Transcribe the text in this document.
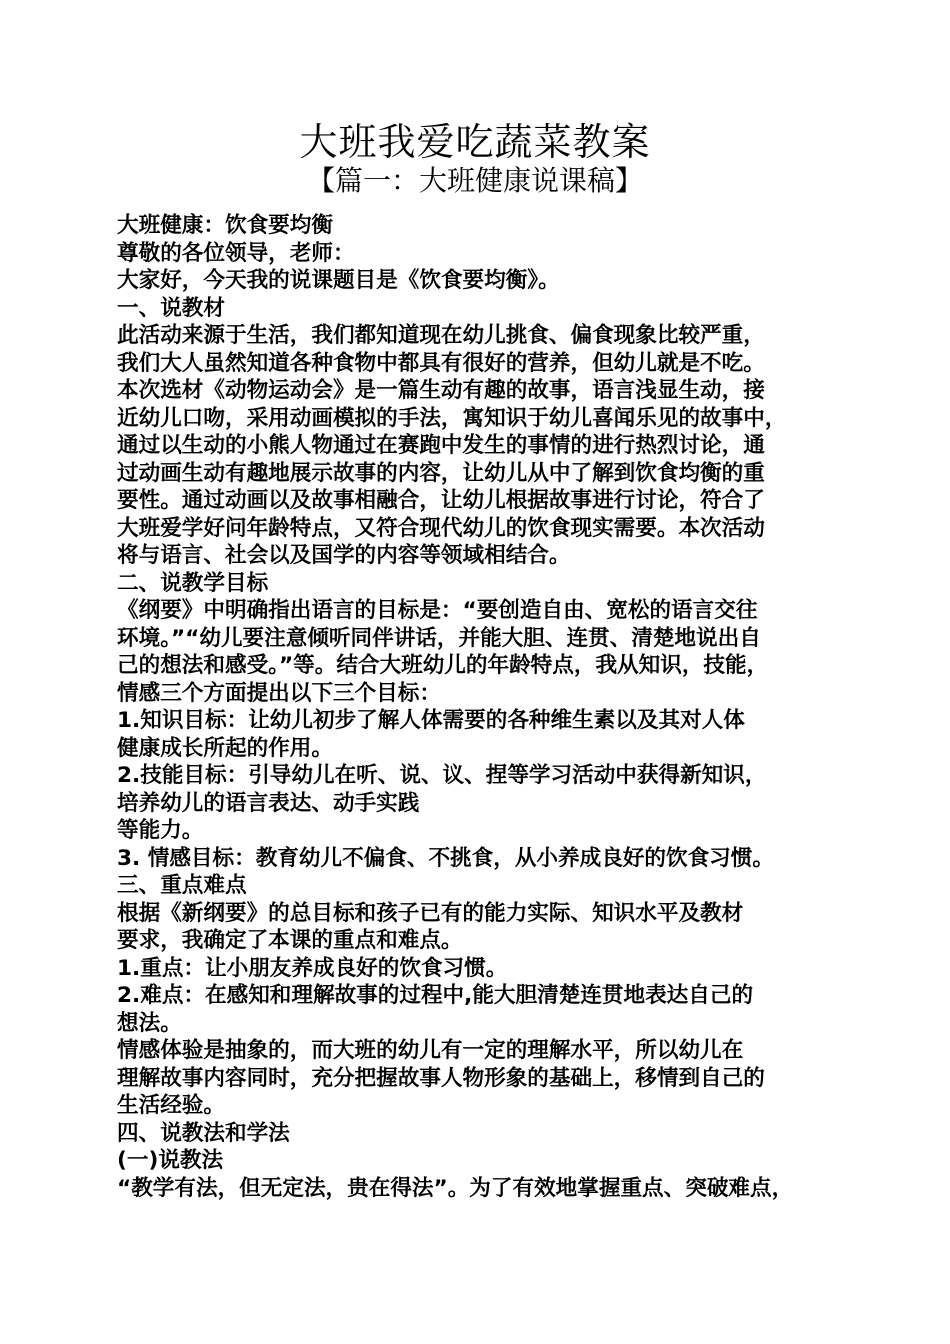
大班我爱吃蔬菜教案
【篇一：大班健康说课稿】
大班健康：饮食要均衡
尊敬的各位领导，老师：
大家好，今天我的说课题目是《饮食要均衡》。
一、说教材
此活动来源于生活，我们都知道现在幼儿挑食、偏食现象比较严重，
我们大人虽然知道各种食物中都具有很好的营养，但幼儿就是不吃。
本次选材《动物运动会》是一篇生动有趣的故事，语言浅显生动，接
近幼儿口吻，采用动画模拟的手法，寓知识于幼儿喜闻乐见的故事中，
通过以生动的小熊人物通过在赛跑中发生的事情的进行热烈讨论，通
过动画生动有趣地展示故事的内容，让幼儿从中了解到饮食均衡的重
要性。通过动画以及故事相融合，让幼儿根据故事进行讨论，符合了
大班爱学好问年龄特点，又符合现代幼儿的饮食现实需要。本次活动
将与语言、社会以及国学的内容等领域相结合。
二、说教学目标
《纲要》中明确指出语言的目标是：“要创造自由、宽松的语言交往
环境。”“幼儿要注意倾听同伴讲话，并能大胆、连贯、清楚地说出自
己的想法和感受。”等。结合大班幼儿的年龄特点，我从知识，技能，
情感三个方面提出以下三个目标：
1.知识目标：让幼儿初步了解人体需要的各种维生素以及其对人体
健康成长所起的作用。
2.技能目标：引导幼儿在听、说、议、捏等学习活动中获得新知识，
培养幼儿的语言表达、动手实践
等能力。
3. 情感目标：教育幼儿不偏食、不挑食，从小养成良好的饮食习惯。
三、重点难点
根据《新纲要》的总目标和孩子已有的能力实际、知识水平及教材
要求，我确定了本课的重点和难点。
1.重点：让小朋友养成良好的饮食习惯。
2.难点：在感知和理解故事的过程中,能大胆清楚连贯地表达自己的
想法。
情感体验是抽象的，而大班的幼儿有一定的理解水平，所以幼儿在
理解故事内容同时，充分把握故事人物形象的基础上，移情到自己的
生活经验。
四、说教法和学法
(一)说教法
“教学有法，但无定法，贵在得法”。为了有效地掌握重点、突破难点，
